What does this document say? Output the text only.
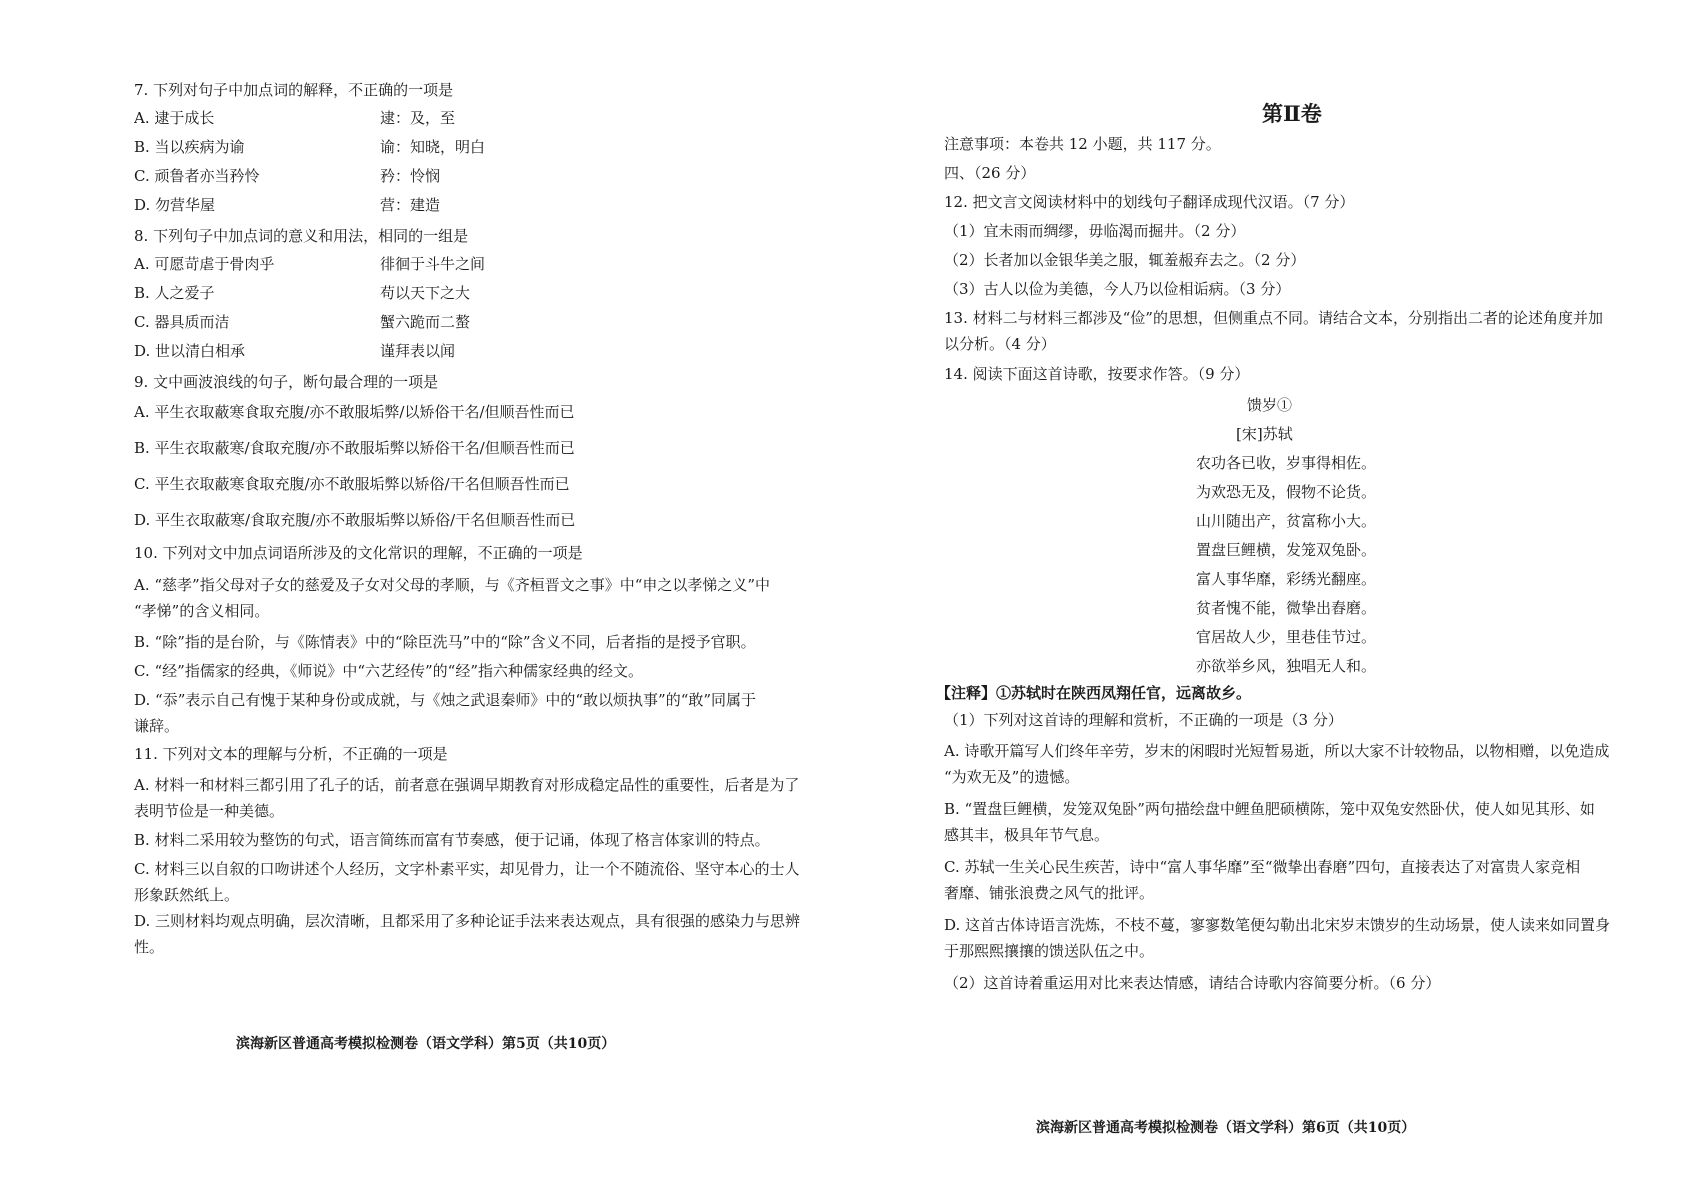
7. 下列对句子中加点词的解释，不正确的一项是
A. 逮于成长	逮：及，至
B. 当以疾病为谕	谕：知晓，明白
C. 顽鲁者亦当矜怜	矜：怜悯
D. 勿营华屋	营：建造
8. 下列句子中加点词的意义和用法，相同的一组是
A. 可愿苛虐于骨肉乎	徘徊于斗牛之间
B. 人之爱子	苟以天下之大
C. 器具质而洁	蟹六跪而二螯
D. 世以清白相承	谨拜表以闻
9. 文中画波浪线的句子，断句最合理的一项是
A. 平生衣取蔽寒食取充腹/亦不敢服垢弊/以矫俗干名/但顺吾性而已
B. 平生衣取蔽寒/食取充腹/亦不敢服垢弊以矫俗干名/但顺吾性而已
C. 平生衣取蔽寒食取充腹/亦不敢服垢弊以矫俗/干名但顺吾性而已
D. 平生衣取蔽寒/食取充腹/亦不敢服垢弊以矫俗/干名但顺吾性而已
10. 下列对文中加点词语所涉及的文化常识的理解，不正确的一项是
A. “慈孝”指父母对子女的慈爱及子女对父母的孝顺，与《齐桓晋文之事》中“申之以孝悌之义”中
“孝悌”的含义相同。
B. “除”指的是台阶，与《陈情表》中的“除臣洗马”中的“除”含义不同，后者指的是授予官职。
C. “经”指儒家的经典，《师说》中“六艺经传”的“经”指六种儒家经典的经文。
D. “忝”表示自己有愧于某种身份或成就，与《烛之武退秦师》中的“敢以烦执事”的“敢”同属于
谦辞。
11. 下列对文本的理解与分析，不正确的一项是
A. 材料一和材料三都引用了孔子的话，前者意在强调早期教育对形成稳定品性的重要性，后者是为了
表明节俭是一种美德。
B. 材料二采用较为整饬的句式，语言简练而富有节奏感，便于记诵，体现了格言体家训的特点。
C. 材料三以自叙的口吻讲述个人经历，文字朴素平实，却见骨力，让一个不随流俗、坚守本心的士人
形象跃然纸上。
D. 三则材料均观点明确，层次清晰，且都采用了多种论证手法来表达观点，具有很强的感染力与思辨
性。
滨海新区普通高考模拟检测卷（语文学科）第5页（共10页）
第Ⅱ卷
注意事项：本卷共 12 小题，共 117 分。
四、（26 分）
12. 把文言文阅读材料中的划线句子翻译成现代汉语。（7 分）
（1）宜未雨而绸缪，毋临渴而掘井。（2 分）
（2）长者加以金银华美之服，辄羞赧弃去之。（2 分）
（3）古人以俭为美德，今人乃以俭相诟病。（3 分）
13. 材料二与材料三都涉及“俭”的思想，但侧重点不同。请结合文本，分别指出二者的论述角度并加
以分析。（4 分）
14. 阅读下面这首诗歌，按要求作答。（9 分）
馈岁①
[宋]苏轼
农功各已收，岁事得相佐。
为欢恐无及，假物不论货。
山川随出产，贫富称小大。
置盘巨鲤横，发笼双兔卧。
富人事华靡，彩绣光翻座。
贫者愧不能，微挚出舂磨。
官居故人少，里巷佳节过。
亦欲举乡风，独唱无人和。
【注释】①苏轼时在陕西凤翔任官，远离故乡。
（1）下列对这首诗的理解和赏析，不正确的一项是（3 分）
A. 诗歌开篇写人们终年辛劳，岁末的闲暇时光短暂易逝，所以大家不计较物品，以物相赠，以免造成
“为欢无及”的遗憾。
B. “置盘巨鲤横，发笼双兔卧”两句描绘盘中鲤鱼肥硕横陈，笼中双兔安然卧伏，使人如见其形、如
感其丰，极具年节气息。
C. 苏轼一生关心民生疾苦，诗中“富人事华靡”至“微挚出舂磨”四句，直接表达了对富贵人家竞相
奢靡、铺张浪费之风气的批评。
D. 这首古体诗语言洗炼，不枝不蔓，寥寥数笔便勾勒出北宋岁末馈岁的生动场景，使人读来如同置身
于那熙熙攘攘的馈送队伍之中。
（2）这首诗着重运用对比来表达情感，请结合诗歌内容简要分析。（6 分）
滨海新区普通高考模拟检测卷（语文学科）第6页（共10页）
